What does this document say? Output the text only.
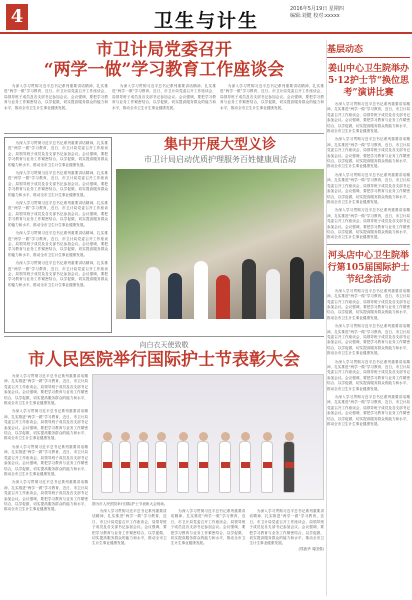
4	卫生与计生
2016年5月19日 星期四
编辑:刘健 校对:xxxxx
市卫计局党委召开
“两学一做”学习教育工作座谈会
　　为深入学习贯彻习近平总书记系列重要讲话精神，扎实推进“两学一做”学习教育，近日，市卫计局党委召开工作座谈会，局领导班子成员及各支部书记参加会议。会议强调，要把学习教育与业务工作紧密结合，以学促做，切实提高服务群众的能力和水平，推动全市卫生计生事业健康发展。
　　为深入学习贯彻习近平总书记系列重要讲话精神，扎实推进“两学一做”学习教育，近日，市卫计局党委召开工作座谈会，局领导班子成员及各支部书记参加会议。会议强调，要把学习教育与业务工作紧密结合，以学促做，切实提高服务群众的能力和水平，推动全市卫生计生事业健康发展。
　　为深入学习贯彻习近平总书记系列重要讲话精神，扎实推进“两学一做”学习教育，近日，市卫计局党委召开工作座谈会，局领导班子成员及各支部书记参加会议。会议强调，要把学习教育与业务工作紧密结合，以学促做，切实提高服务群众的能力和水平，推动全市卫生计生事业健康发展。
　　为深入学习贯彻习近平总书记系列重要讲话精神，扎实推进“两学一做”学习教育，近日，市卫计局党委召开工作座谈会，局领导班子成员及各支部书记参加会议。会议强调，要把学习教育与业务工作紧密结合，以学促做，切实提高服务群众的能力和水平，推动全市卫生计生事业健康发展。
　　为深入学习贯彻习近平总书记系列重要讲话精神，扎实推进“两学一做”学习教育，近日，市卫计局党委召开工作座谈会，局领导班子成员及各支部书记参加会议。会议强调，要把学习教育与业务工作紧密结合，以学促做，切实提高服务群众的能力和水平，推动全市卫生计生事业健康发展。
　　为深入学习贯彻习近平总书记系列重要讲话精神，扎实推进“两学一做”学习教育，近日，市卫计局党委召开工作座谈会，局领导班子成员及各支部书记参加会议。会议强调，要把学习教育与业务工作紧密结合，以学促做，切实提高服务群众的能力和水平，推动全市卫生计生事业健康发展。
　　为深入学习贯彻习近平总书记系列重要讲话精神，扎实推进“两学一做”学习教育，近日，市卫计局党委召开工作座谈会，局领导班子成员及各支部书记参加会议。会议强调，要把学习教育与业务工作紧密结合，以学促做，切实提高服务群众的能力和水平，推动全市卫生计生事业健康发展。
　　为深入学习贯彻习近平总书记系列重要讲话精神，扎实推进“两学一做”学习教育，近日，市卫计局党委召开工作座谈会，局领导班子成员及各支部书记参加会议。会议强调，要把学习教育与业务工作紧密结合，以学促做，切实提高服务群众的能力和水平，推动全市卫生计生事业健康发展。
集中开展大型义诊
市卫计局启动优质护理服务百姓健康周活动
向白衣天使致敬
市人民医院举行国际护士节表彰大会
　　为深入学习贯彻习近平总书记系列重要讲话精神，扎实推进“两学一做”学习教育，近日，市卫计局党委召开工作座谈会，局领导班子成员及各支部书记参加会议。会议强调，要把学习教育与业务工作紧密结合，以学促做，切实提高服务群众的能力和水平，推动全市卫生计生事业健康发展。
　　为深入学习贯彻习近平总书记系列重要讲话精神，扎实推进“两学一做”学习教育，近日，市卫计局党委召开工作座谈会，局领导班子成员及各支部书记参加会议。会议强调，要把学习教育与业务工作紧密结合，以学促做，切实提高服务群众的能力和水平，推动全市卫生计生事业健康发展。
　　为深入学习贯彻习近平总书记系列重要讲话精神，扎实推进“两学一做”学习教育，近日，市卫计局党委召开工作座谈会，局领导班子成员及各支部书记参加会议。会议强调，要把学习教育与业务工作紧密结合，以学促做，切实提高服务群众的能力和水平，推动全市卫生计生事业健康发展。
　　为深入学习贯彻习近平总书记系列重要讲话精神，扎实推进“两学一做”学习教育，近日，市卫计局党委召开工作座谈会，局领导班子成员及各支部书记参加会议。会议强调，要把学习教育与业务工作紧密结合，以学促做，切实提高服务群众的能力和水平，推动全市卫生计生事业健康发展。
图为市人民医院举行国际护士节表彰大会现场。
　　为深入学习贯彻习近平总书记系列重要讲话精神，扎实推进“两学一做”学习教育，近日，市卫计局党委召开工作座谈会，局领导班子成员及各支部书记参加会议。会议强调，要把学习教育与业务工作紧密结合，以学促做，切实提高服务群众的能力和水平，推动全市卫生计生事业健康发展。
　　为深入学习贯彻习近平总书记系列重要讲话精神，扎实推进“两学一做”学习教育，近日，市卫计局党委召开工作座谈会，局领导班子成员及各支部书记参加会议。会议强调，要把学习教育与业务工作紧密结合，以学促做，切实提高服务群众的能力和水平，推动全市卫生计生事业健康发展。
　　为深入学习贯彻习近平总书记系列重要讲话精神，扎实推进“两学一做”学习教育，近日，市卫计局党委召开工作座谈会，局领导班子成员及各支部书记参加会议。会议强调，要把学习教育与业务工作紧密结合，以学促做，切实提高服务群众的能力和水平，推动全市卫生计生事业健康发展。
(郑意华 周国强)
基层动态
姜山中心卫生院举办5·12护士节“换位思考”演讲比赛
　　为深入学习贯彻习近平总书记系列重要讲话精神，扎实推进“两学一做”学习教育，近日，市卫计局党委召开工作座谈会，局领导班子成员及各支部书记参加会议。会议强调，要把学习教育与业务工作紧密结合，以学促做，切实提高服务群众的能力和水平，推动全市卫生计生事业健康发展。
　　为深入学习贯彻习近平总书记系列重要讲话精神，扎实推进“两学一做”学习教育，近日，市卫计局党委召开工作座谈会，局领导班子成员及各支部书记参加会议。会议强调，要把学习教育与业务工作紧密结合，以学促做，切实提高服务群众的能力和水平，推动全市卫生计生事业健康发展。
　　为深入学习贯彻习近平总书记系列重要讲话精神，扎实推进“两学一做”学习教育，近日，市卫计局党委召开工作座谈会，局领导班子成员及各支部书记参加会议。会议强调，要把学习教育与业务工作紧密结合，以学促做，切实提高服务群众的能力和水平，推动全市卫生计生事业健康发展。
　　为深入学习贯彻习近平总书记系列重要讲话精神，扎实推进“两学一做”学习教育，近日，市卫计局党委召开工作座谈会，局领导班子成员及各支部书记参加会议。会议强调，要把学习教育与业务工作紧密结合，以学促做，切实提高服务群众的能力和水平，推动全市卫生计生事业健康发展。
河头店中心卫生院举行第105届国际护士节纪念活动
　　为深入学习贯彻习近平总书记系列重要讲话精神，扎实推进“两学一做”学习教育，近日，市卫计局党委召开工作座谈会，局领导班子成员及各支部书记参加会议。会议强调，要把学习教育与业务工作紧密结合，以学促做，切实提高服务群众的能力和水平，推动全市卫生计生事业健康发展。
　　为深入学习贯彻习近平总书记系列重要讲话精神，扎实推进“两学一做”学习教育，近日，市卫计局党委召开工作座谈会，局领导班子成员及各支部书记参加会议。会议强调，要把学习教育与业务工作紧密结合，以学促做，切实提高服务群众的能力和水平，推动全市卫生计生事业健康发展。
　　为深入学习贯彻习近平总书记系列重要讲话精神，扎实推进“两学一做”学习教育，近日，市卫计局党委召开工作座谈会，局领导班子成员及各支部书记参加会议。会议强调，要把学习教育与业务工作紧密结合，以学促做，切实提高服务群众的能力和水平，推动全市卫生计生事业健康发展。
　　为深入学习贯彻习近平总书记系列重要讲话精神，扎实推进“两学一做”学习教育，近日，市卫计局党委召开工作座谈会，局领导班子成员及各支部书记参加会议。会议强调，要把学习教育与业务工作紧密结合，以学促做，切实提高服务群众的能力和水平，推动全市卫生计生事业健康发展。
